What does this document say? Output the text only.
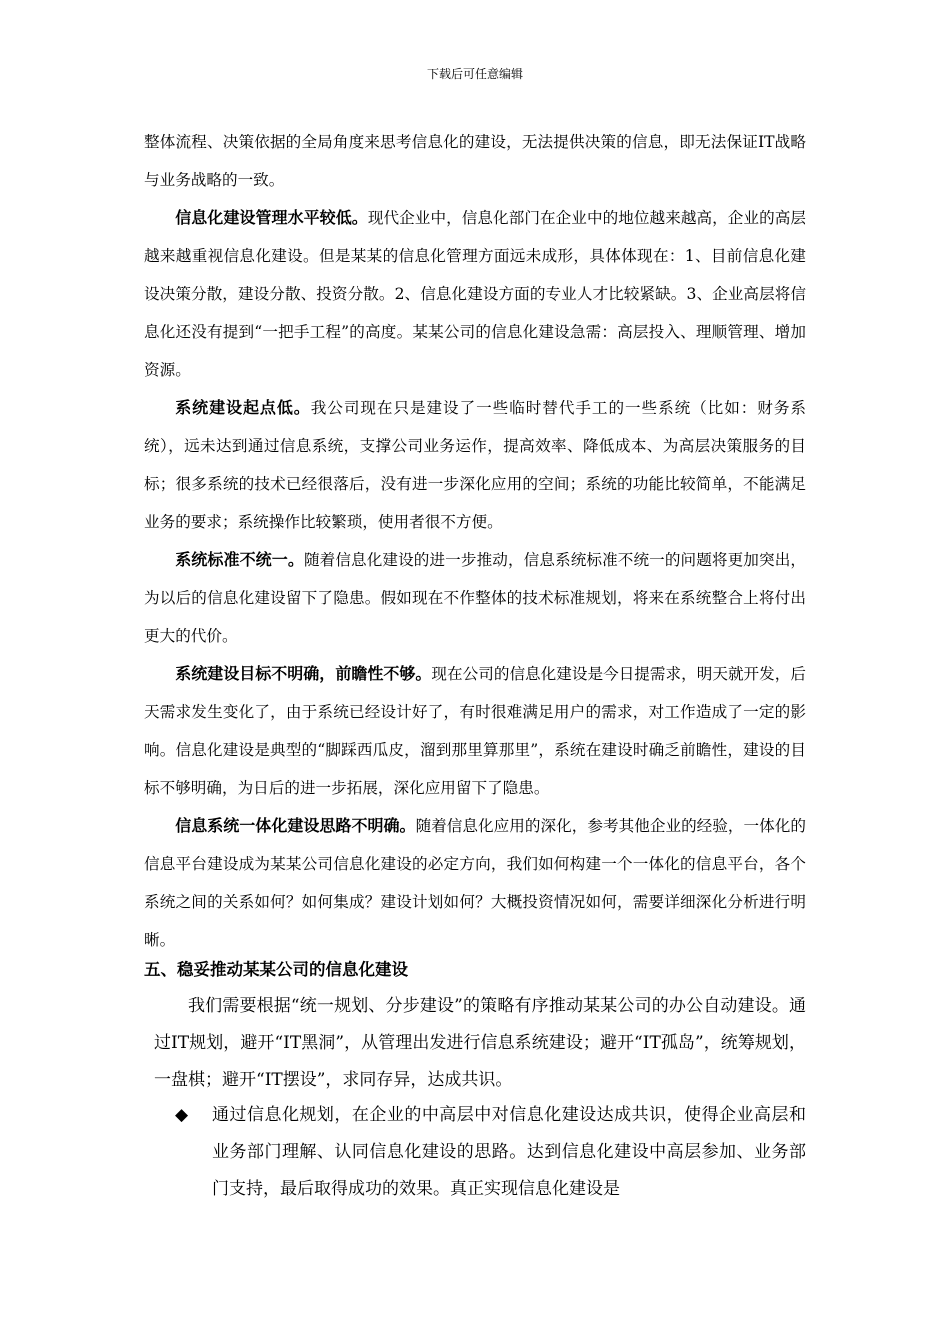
下载后可任意编辑

整体流程、决策依据的全局角度来思考信息化的建设，无法提供决策的信息，即无法保证IT战略与业务战略的一致。

信息化建设管理水平较低。现代企业中，信息化部门在企业中的地位越来越高，企业的高层越来越重视信息化建设。但是某某的信息化管理方面远未成形，具体体现在：1、目前信息化建设决策分散，建设分散、投资分散。2、信息化建设方面的专业人才比较紧缺。3、企业高层将信息化还没有提到“一把手工程”的高度。某某公司的信息化建设急需：高层投入、理顺管理、增加资源。

系统建设起点低。我公司现在只是建设了一些临时替代手工的一些系统（比如：财务系统），远未达到通过信息系统，支撑公司业务运作，提高效率、降低成本、为高层决策服务的目标；很多系统的技术已经很落后，没有进一步深化应用的空间；系统的功能比较简单，不能满足业务的要求；系统操作比较繁琐，使用者很不方便。

系统标准不统一。随着信息化建设的进一步推动，信息系统标准不统一的问题将更加突出，为以后的信息化建设留下了隐患。假如现在不作整体的技术标准规划，将来在系统整合上将付出更大的代价。

系统建设目标不明确，前瞻性不够。现在公司的信息化建设是今日提需求，明天就开发，后天需求发生变化了，由于系统已经设计好了，有时很难满足用户的需求，对工作造成了一定的影响。信息化建设是典型的“脚踩西瓜皮，溜到那里算那里”，系统在建设时确乏前瞻性，建设的目标不够明确，为日后的进一步拓展，深化应用留下了隐患。

信息系统一体化建设思路不明确。随着信息化应用的深化，参考其他企业的经验，一体化的信息平台建设成为某某公司信息化建设的必定方向，我们如何构建一个一体化的信息平台，各个系统之间的关系如何？如何集成？建设计划如何？大概投资情况如何，需要详细深化分析进行明晰。

五、稳妥推动某某公司的信息化建设

我们需要根据“统一规划、分步建设”的策略有序推动某某公司的办公自动建设。通过IT规划，避开“IT黑洞”，从管理出发进行信息系统建设；避开“IT孤岛”，统筹规划，一盘棋；避开“IT摆设”，求同存异，达成共识。

◆	通过信息化规划，在企业的中高层中对信息化建设达成共识，使得企业高层和业务部门理解、认同信息化建设的思路。达到信息化建设中高层参加、业务部门支持，最后取得成功的效果。真正实现信息化建设是
